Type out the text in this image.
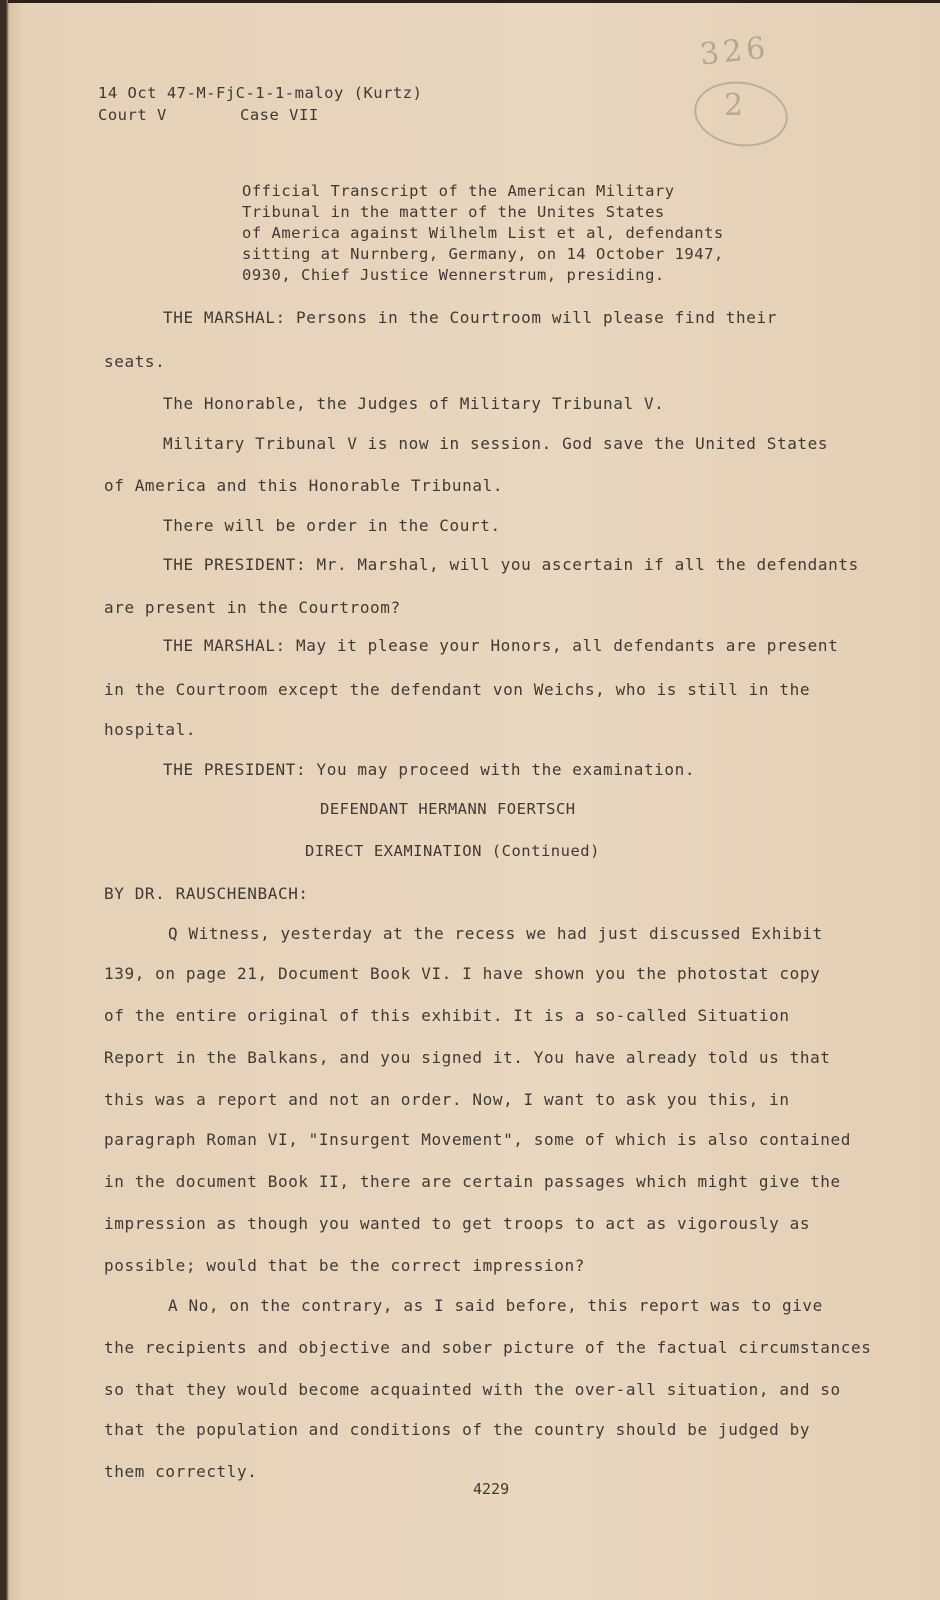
326
2
14 Oct 47-M-FjC-1-1-maloy (Kurtz)
Court V	Case VII
Official Transcript of the American Military
Tribunal in the matter of the Unites States
of America against Wilhelm List et al, defendants
sitting at Nurnberg, Germany, on 14 October 1947,
0930, Chief Justice Wennerstrum, presiding.
THE MARSHAL: Persons in the Courtroom will please find their
seats.
The Honorable, the Judges of Military Tribunal V.
Military Tribunal V is now in session. God save the United States
of America and this Honorable Tribunal.
There will be order in the Court.
THE PRESIDENT: Mr. Marshal, will you ascertain if all the defendants
are present in the Courtroom?
THE MARSHAL: May it please your Honors, all defendants are present
in the Courtroom except the defendant von Weichs, who is still in the
hospital.
THE PRESIDENT: You may proceed with the examination.
DEFENDANT HERMANN FOERTSCH
DIRECT EXAMINATION (Continued)
BY DR. RAUSCHENBACH:
Q Witness, yesterday at the recess we had just discussed Exhibit
139, on page 21, Document Book VI. I have shown you the photostat copy
of the entire original of this exhibit. It is a so-called Situation
Report in the Balkans, and you signed it. You have already told us that
this was a report and not an order. Now, I want to ask you this, in
paragraph Roman VI, "Insurgent Movement", some of which is also contained
in the document Book II, there are certain passages which might give the
impression as though you wanted to get troops to act as vigorously as
possible; would that be the correct impression?
A No, on the contrary, as I said before, this report was to give
the recipients and objective and sober picture of the factual circumstances
so that they would become acquainted with the over-all situation, and so
that the population and conditions of the country should be judged by
them correctly.
4229
